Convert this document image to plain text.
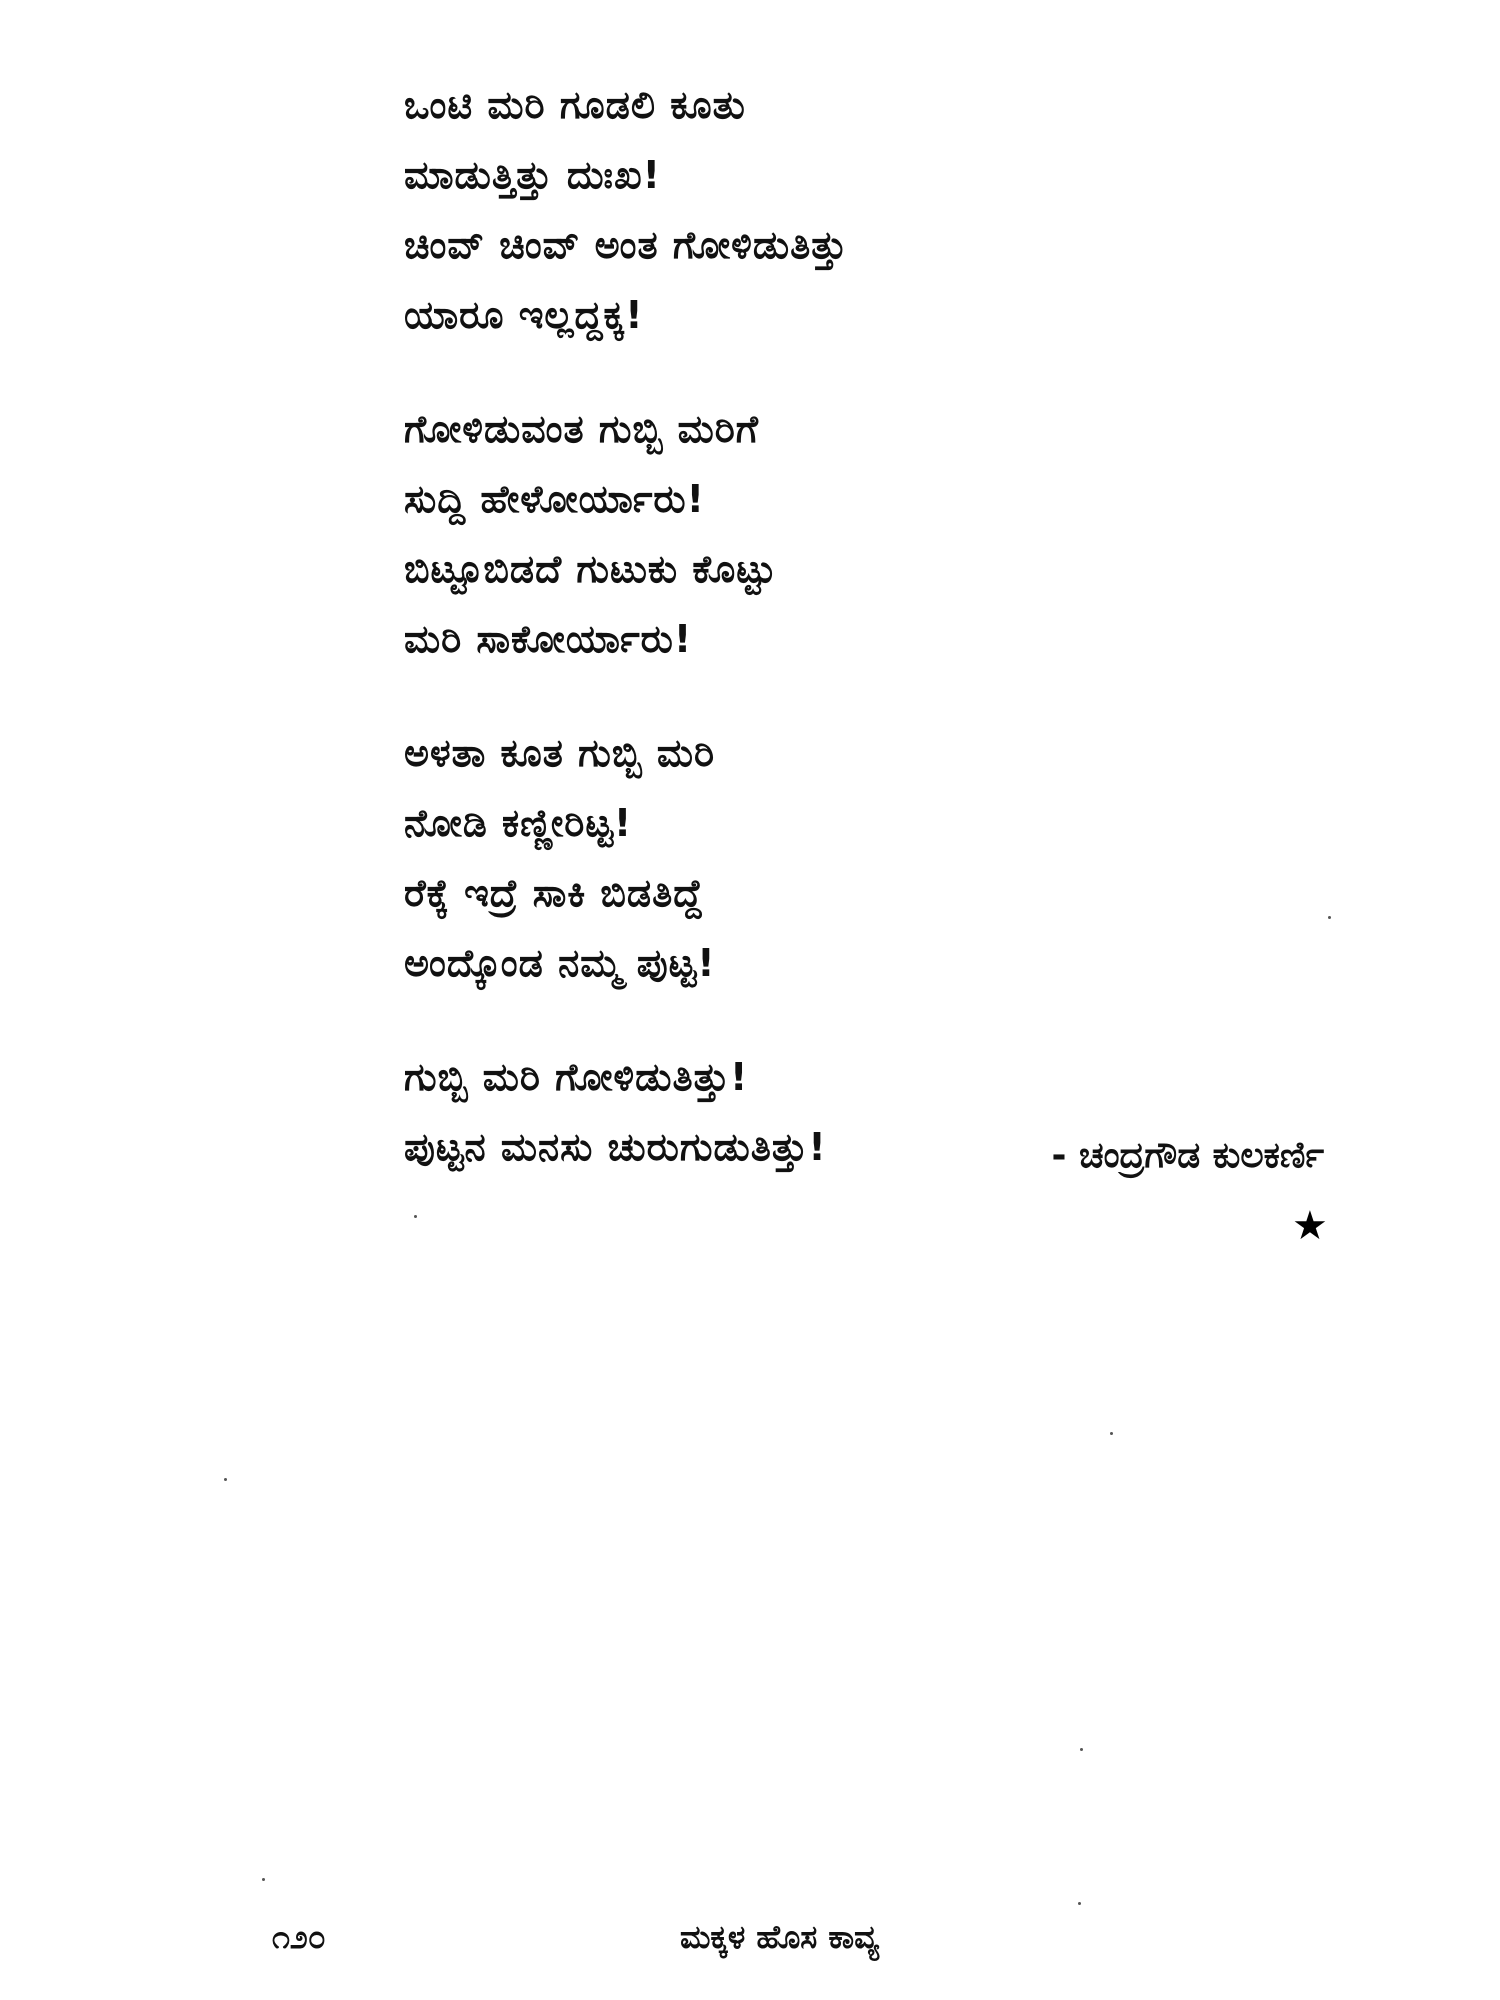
ಒಂಟಿ ಮರಿ ಗೂಡಲಿ ಕೂತು
ಮಾಡುತ್ತಿತ್ತು ದುಃಖ!
ಚಿಂವ್ ಚಿಂವ್ ಅಂತ ಗೋಳಿಡುತಿತ್ತು
ಯಾರೂ ಇಲ್ಲದ್ದಕ್ಕ!
ಗೋಳಿಡುವಂತ ಗುಬ್ಬಿ ಮರಿಗೆ
ಸುದ್ದಿ ಹೇಳೋರ್ಯಾರು!
ಬಿಟ್ಟೂಬಿಡದೆ ಗುಟುಕು ಕೊಟ್ಟು
ಮರಿ ಸಾಕೋರ್ಯಾರು!
ಅಳತಾ ಕೂತ ಗುಬ್ಬಿ ಮರಿ
ನೋಡಿ ಕಣ್ಣೀರಿಟ್ಟ!
ರೆಕ್ಕೆ ಇದ್ರೆ ಸಾಕಿ ಬಿಡತಿದ್ದೆ
ಅಂದ್ಕೊಂಡ ನಮ್ಮ ಪುಟ್ಟ!
ಗುಬ್ಬಿ ಮರಿ ಗೋಳಿಡುತಿತ್ತು!
ಪುಟ್ಟನ ಮನಸು ಚುರುಗುಡುತಿತ್ತು!	- ಚಂದ್ರಗೌಡ ಕುಲಕರ್ಣಿ
★
೧೨೦	ಮಕ್ಕಳ ಹೊಸ ಕಾವ್ಯ
